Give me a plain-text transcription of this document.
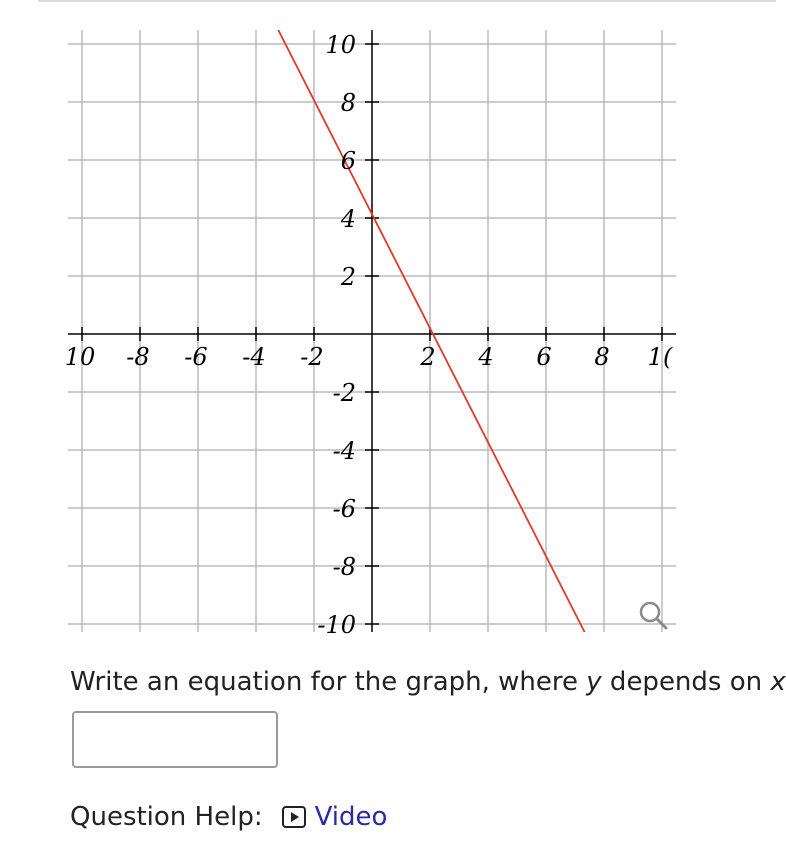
10 -8 -6 -4 -2	2 4 6 8 1(
10
8
6
4
2
-2
-4
-6
-8
-10
Write an equation for the graph, where y depends on x
Question Help: Video
